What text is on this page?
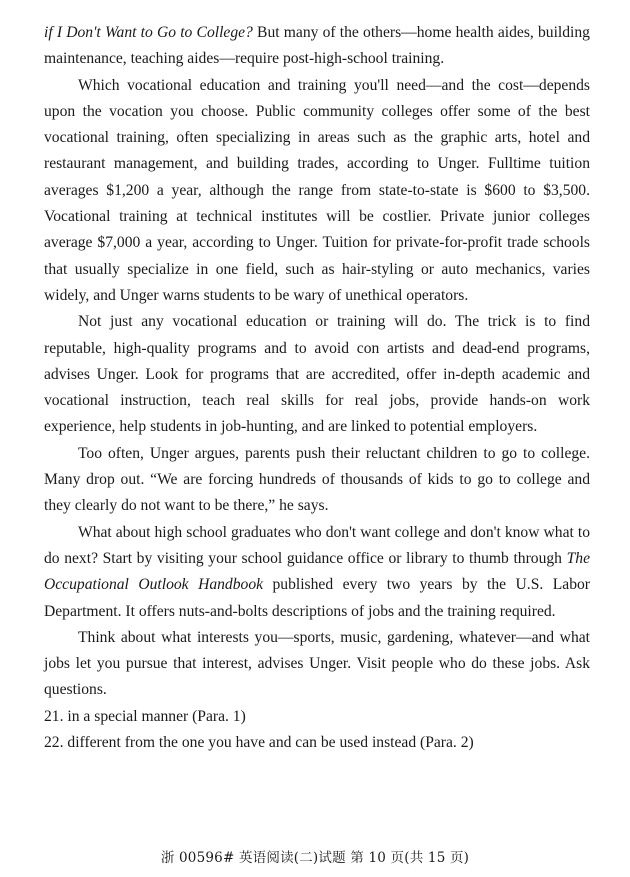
if I Don't Want to Go to College? But many of the others—home health aides, building maintenance, teaching aides—require post-high-school training.

Which vocational education and training you'll need—and the cost—depends upon the vocation you choose. Public community colleges offer some of the best vocational training, often specializing in areas such as the graphic arts, hotel and restaurant management, and building trades, according to Unger. Fulltime tuition averages $1,200 a year, although the range from state-to-state is $600 to $3,500. Vocational training at technical institutes will be costlier. Private junior colleges average $7,000 a year, according to Unger. Tuition for private-for-profit trade schools that usually specialize in one field, such as hair-styling or auto mechanics, varies widely, and Unger warns students to be wary of unethical operators.

Not just any vocational education or training will do. The trick is to find reputable, high-quality programs and to avoid con artists and dead-end programs, advises Unger. Look for programs that are accredited, offer in-depth academic and vocational instruction, teach real skills for real jobs, provide hands-on work experience, help students in job-hunting, and are linked to potential employers.

Too often, Unger argues, parents push their reluctant children to go to college. Many drop out. “We are forcing hundreds of thousands of kids to go to college and they clearly do not want to be there,” he says.

What about high school graduates who don't want college and don't know what to do next? Start by visiting your school guidance office or library to thumb through The Occupational Outlook Handbook published every two years by the U.S. Labor Department. It offers nuts-and-bolts descriptions of jobs and the training required.

Think about what interests you—sports, music, gardening, whatever—and what jobs let you pursue that interest, advises Unger. Visit people who do these jobs. Ask questions.

21. in a special manner (Para. 1)

22. different from the one you have and can be used instead (Para. 2)

浙 00596# 英语阅读(二)试题 第 10 页(共 15 页)
